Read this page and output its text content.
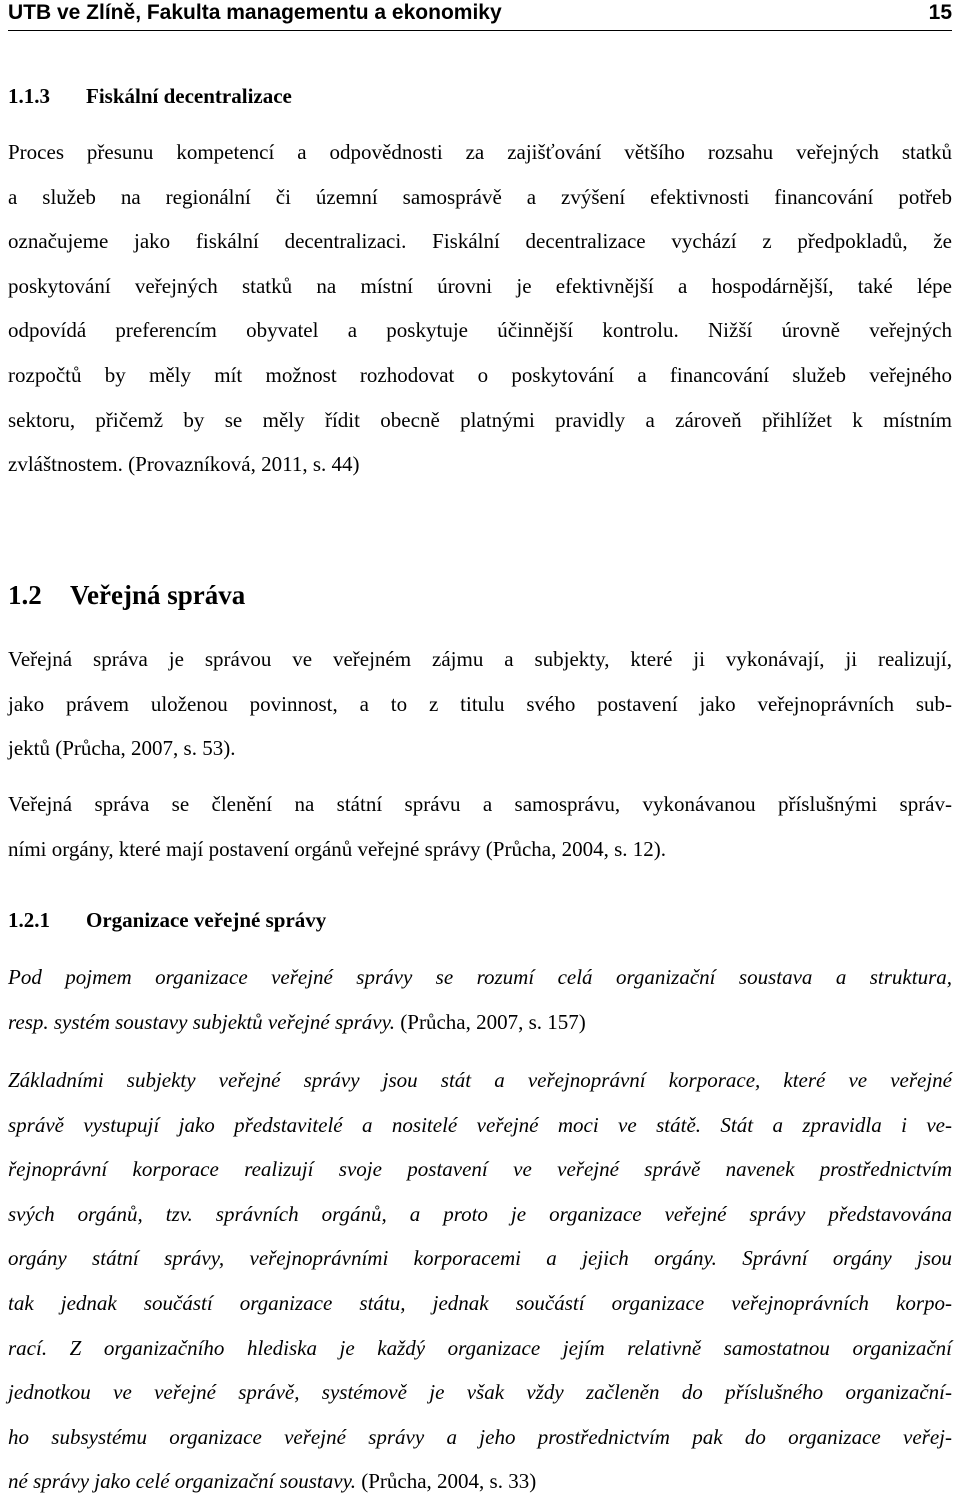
UTB ve Zlíně, Fakulta managementu a ekonomiky	15
1.1.3 Fiskální decentralizace
Proces přesunu kompetencí a odpovědnosti za zajišťování většího rozsahu veřejných statků
a služeb na regionální či územní samosprávě a zvýšení efektivnosti financování potřeb
označujeme jako fiskální decentralizaci. Fiskální decentralizace vychází z předpokladů, že
poskytování veřejných statků na místní úrovni je efektivnější a hospodárnější, také lépe
odpovídá preferencím obyvatel a poskytuje účinnější kontrolu. Nižší úrovně veřejných
rozpočtů by měly mít možnost rozhodovat o poskytování a financování služeb veřejného
sektoru, přičemž by se měly řídit obecně platnými pravidly a zároveň přihlížet k místním
zvláštnostem. (Provazníková, 2011, s. 44)
1.2 Veřejná správa
Veřejná správa je správou ve veřejném zájmu a subjekty, které ji vykonávají, ji realizují,
jako právem uloženou povinnost, a to z titulu svého postavení jako veřejnoprávních sub-
jektů (Průcha, 2007, s. 53).
Veřejná správa se členění na státní správu a samosprávu, vykonávanou příslušnými správ-
ními orgány, které mají postavení orgánů veřejné správy (Průcha, 2004, s. 12).
1.2.1 Organizace veřejné správy
Pod pojmem organizace veřejné správy se rozumí celá organizační soustava a struktura,
resp. systém soustavy subjektů veřejné správy. (Průcha, 2007, s. 157)
Základními subjekty veřejné správy jsou stát a veřejnoprávní korporace, které ve veřejné
správě vystupují jako představitelé a nositelé veřejné moci ve státě. Stát a zpravidla i ve-
řejnoprávní korporace realizují svoje postavení ve veřejné správě navenek prostřednictvím
svých orgánů, tzv. správních orgánů, a proto je organizace veřejné správy představována
orgány státní správy, veřejnoprávními korporacemi a jejich orgány. Správní orgány jsou
tak jednak součástí organizace státu, jednak součástí organizace veřejnoprávních korpo-
rací. Z organizačního hlediska je každý organizace jejím relativně samostatnou organizační
jednotkou ve veřejné správě, systémově je však vždy začleněn do příslušného organizační-
ho subsystému organizace veřejné správy a jeho prostřednictvím pak do organizace veřej-
né správy jako celé organizační soustavy. (Průcha, 2004, s. 33)
